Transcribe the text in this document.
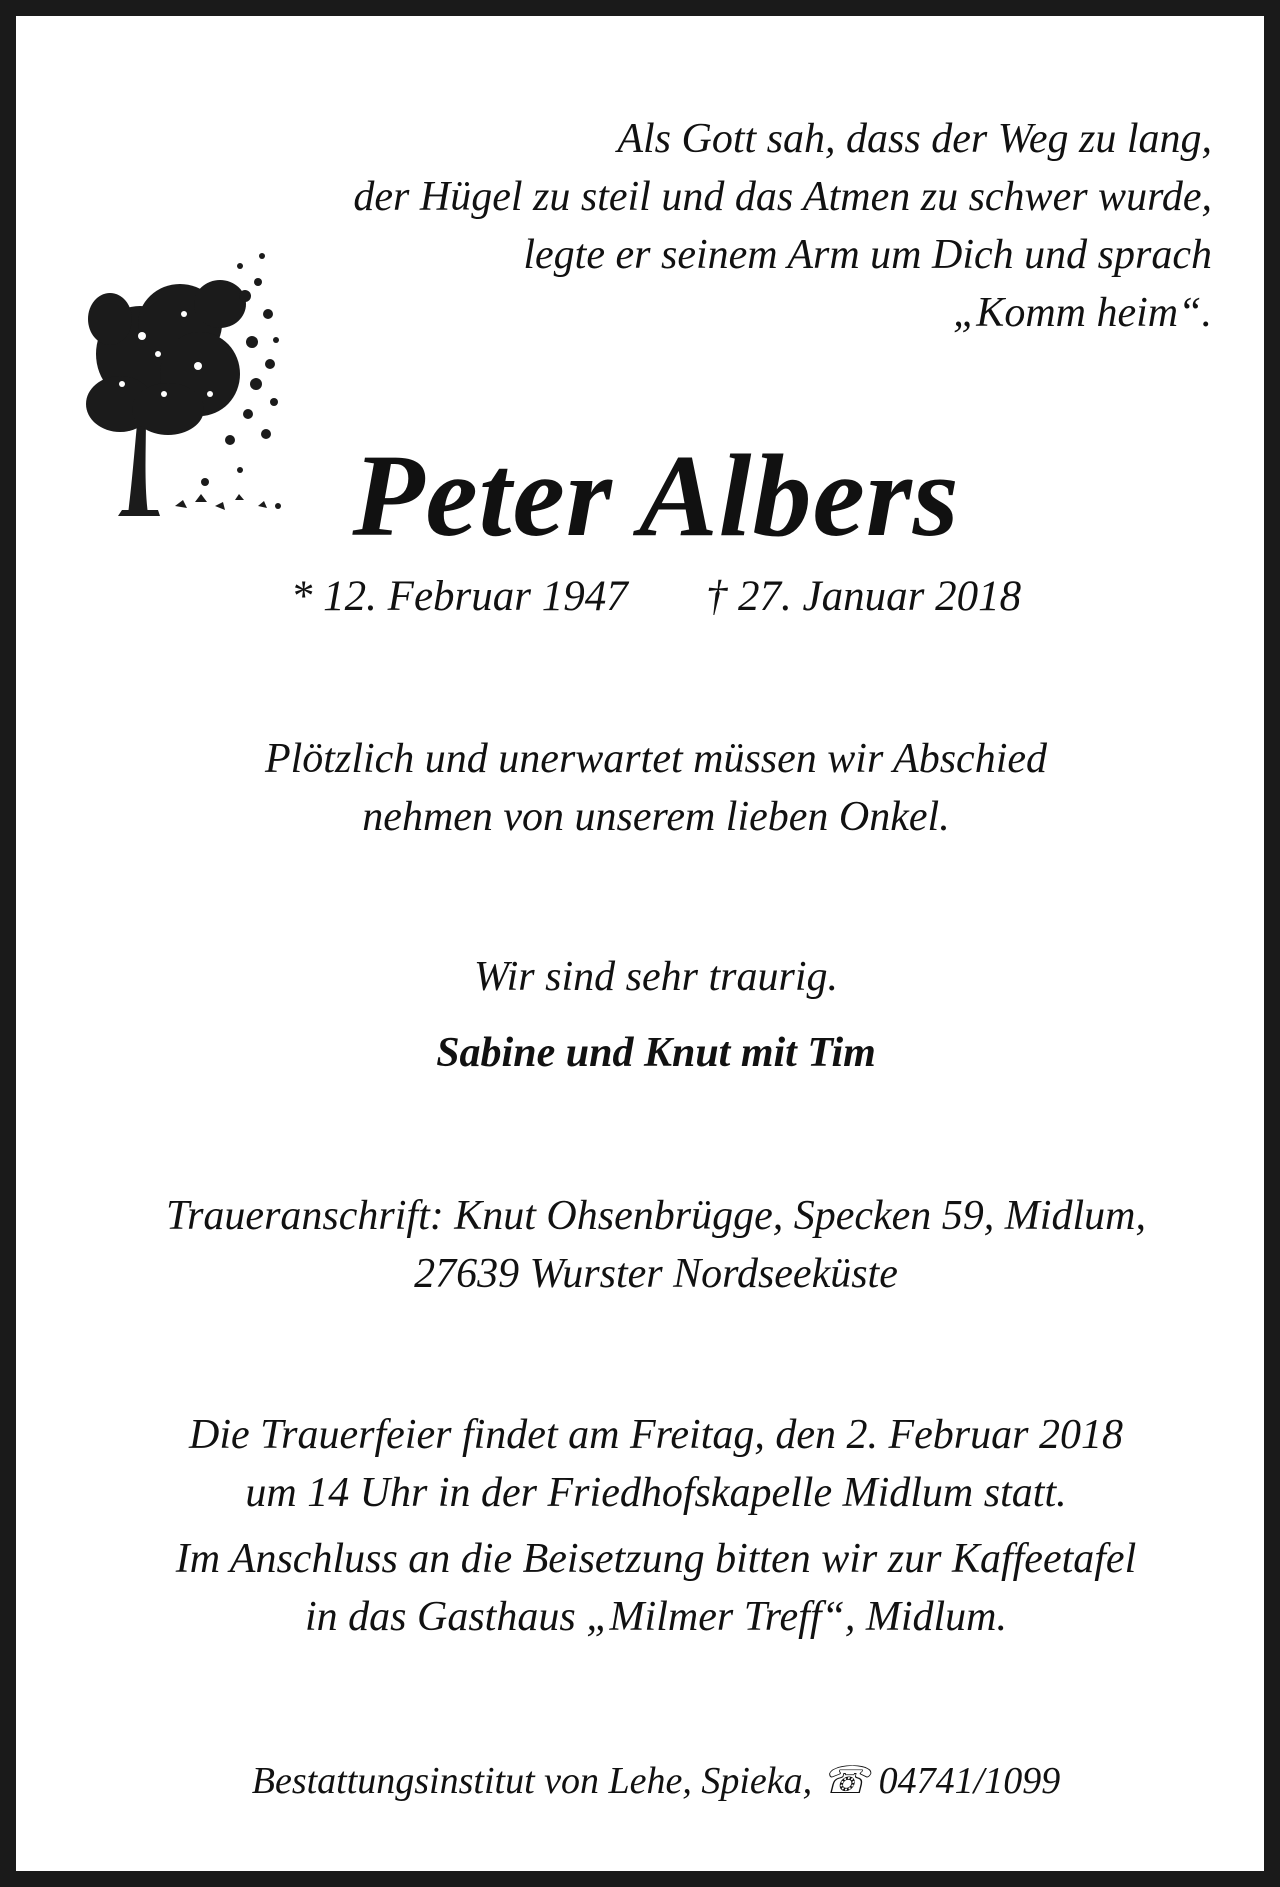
Als Gott sah, dass der Weg zu lang,
der Hügel zu steil und das Atmen zu schwer wurde,
legte er seinem Arm um Dich und sprach
„Komm heim“.
Peter Albers
* 12. Februar 1947 † 27. Januar 2018
Plötzlich und unerwartet müssen wir Abschied
nehmen von unserem lieben Onkel.
Wir sind sehr traurig.
Sabine und Knut mit Tim
Traueranschrift: Knut Ohsenbrügge, Specken 59, Midlum,
27639 Wurster Nordseeküste
Die Trauerfeier findet am Freitag, den 2. Februar 2018
um 14 Uhr in der Friedhofskapelle Midlum statt.
Im Anschluss an die Beisetzung bitten wir zur Kaffeetafel
in das Gasthaus „Milmer Treff“, Midlum.
Bestattungsinstitut von Lehe, Spieka, ☏ 04741/1099
